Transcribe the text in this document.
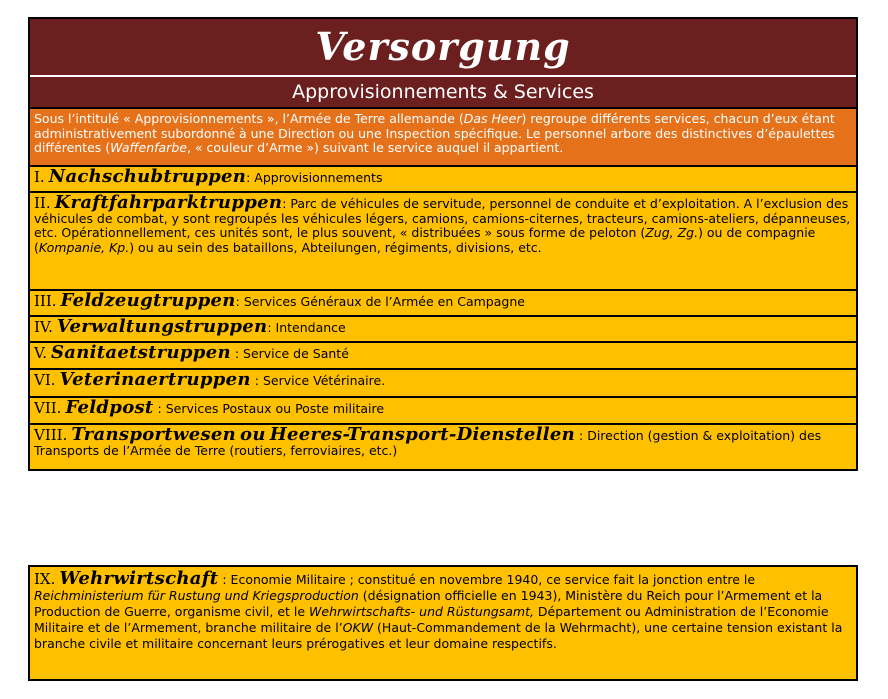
Versorgung
Approvisionnements & Services
Sous l’intitulé « Approvisionnements », l’Armée de Terre allemande (Das Heer) regroupe différents services, chacun d’eux étant administrativement subordonné à une Direction ou une Inspection spécifique. Le personnel arbore des distinctives d’épaulettes différentes (Waffenfarbe, « couleur d’Arme ») suivant le service auquel il appartient.
I. Nachschubtruppen: Approvisionnements
II. Kraftfahrparktruppen: Parc de véhicules de servitude, personnel de conduite et d’exploitation. A l’exclusion des véhicules de combat, y sont regroupés les véhicules légers, camions, camions-citernes, tracteurs, camions-ateliers, dépanneuses, etc. Opérationnellement, ces unités sont, le plus souvent, « distribuées » sous forme de peloton (Zug, Zg.) ou de compagnie (Kompanie, Kp.) ou au sein des bataillons, Abteilungen, régiments, divisions, etc.
III. Feldzeugtruppen: Services Généraux de l’Armée en Campagne
IV. Verwaltungstruppen: Intendance
V. Sanitaetstruppen : Service de Santé
VI. Veterinaertruppen : Service Vétérinaire.
VII. Feldpost : Services Postaux ou Poste militaire
VIII. Transportwesen ou Heeres-Transport-Dienstellen : Direction (gestion & exploitation) des Transports de l’Armée de Terre (routiers, ferroviaires, etc.)
IX. Wehrwirtschaft : Economie Militaire ; constitué en novembre 1940, ce service fait la jonction entre le Reichministerium für Rustung und Kriegsproduction (désignation officielle en 1943), Ministère du Reich pour l’Armement et la Production de Guerre, organisme civil, et le Wehrwirtschafts- und Rüstungsamt, Département ou Administration de l’Economie Militaire et de l’Armement, branche militaire de l’OKW (Haut-Commandement de la Wehrmacht), une certaine tension existant la branche civile et militaire concernant leurs prérogatives et leur domaine respectifs.
